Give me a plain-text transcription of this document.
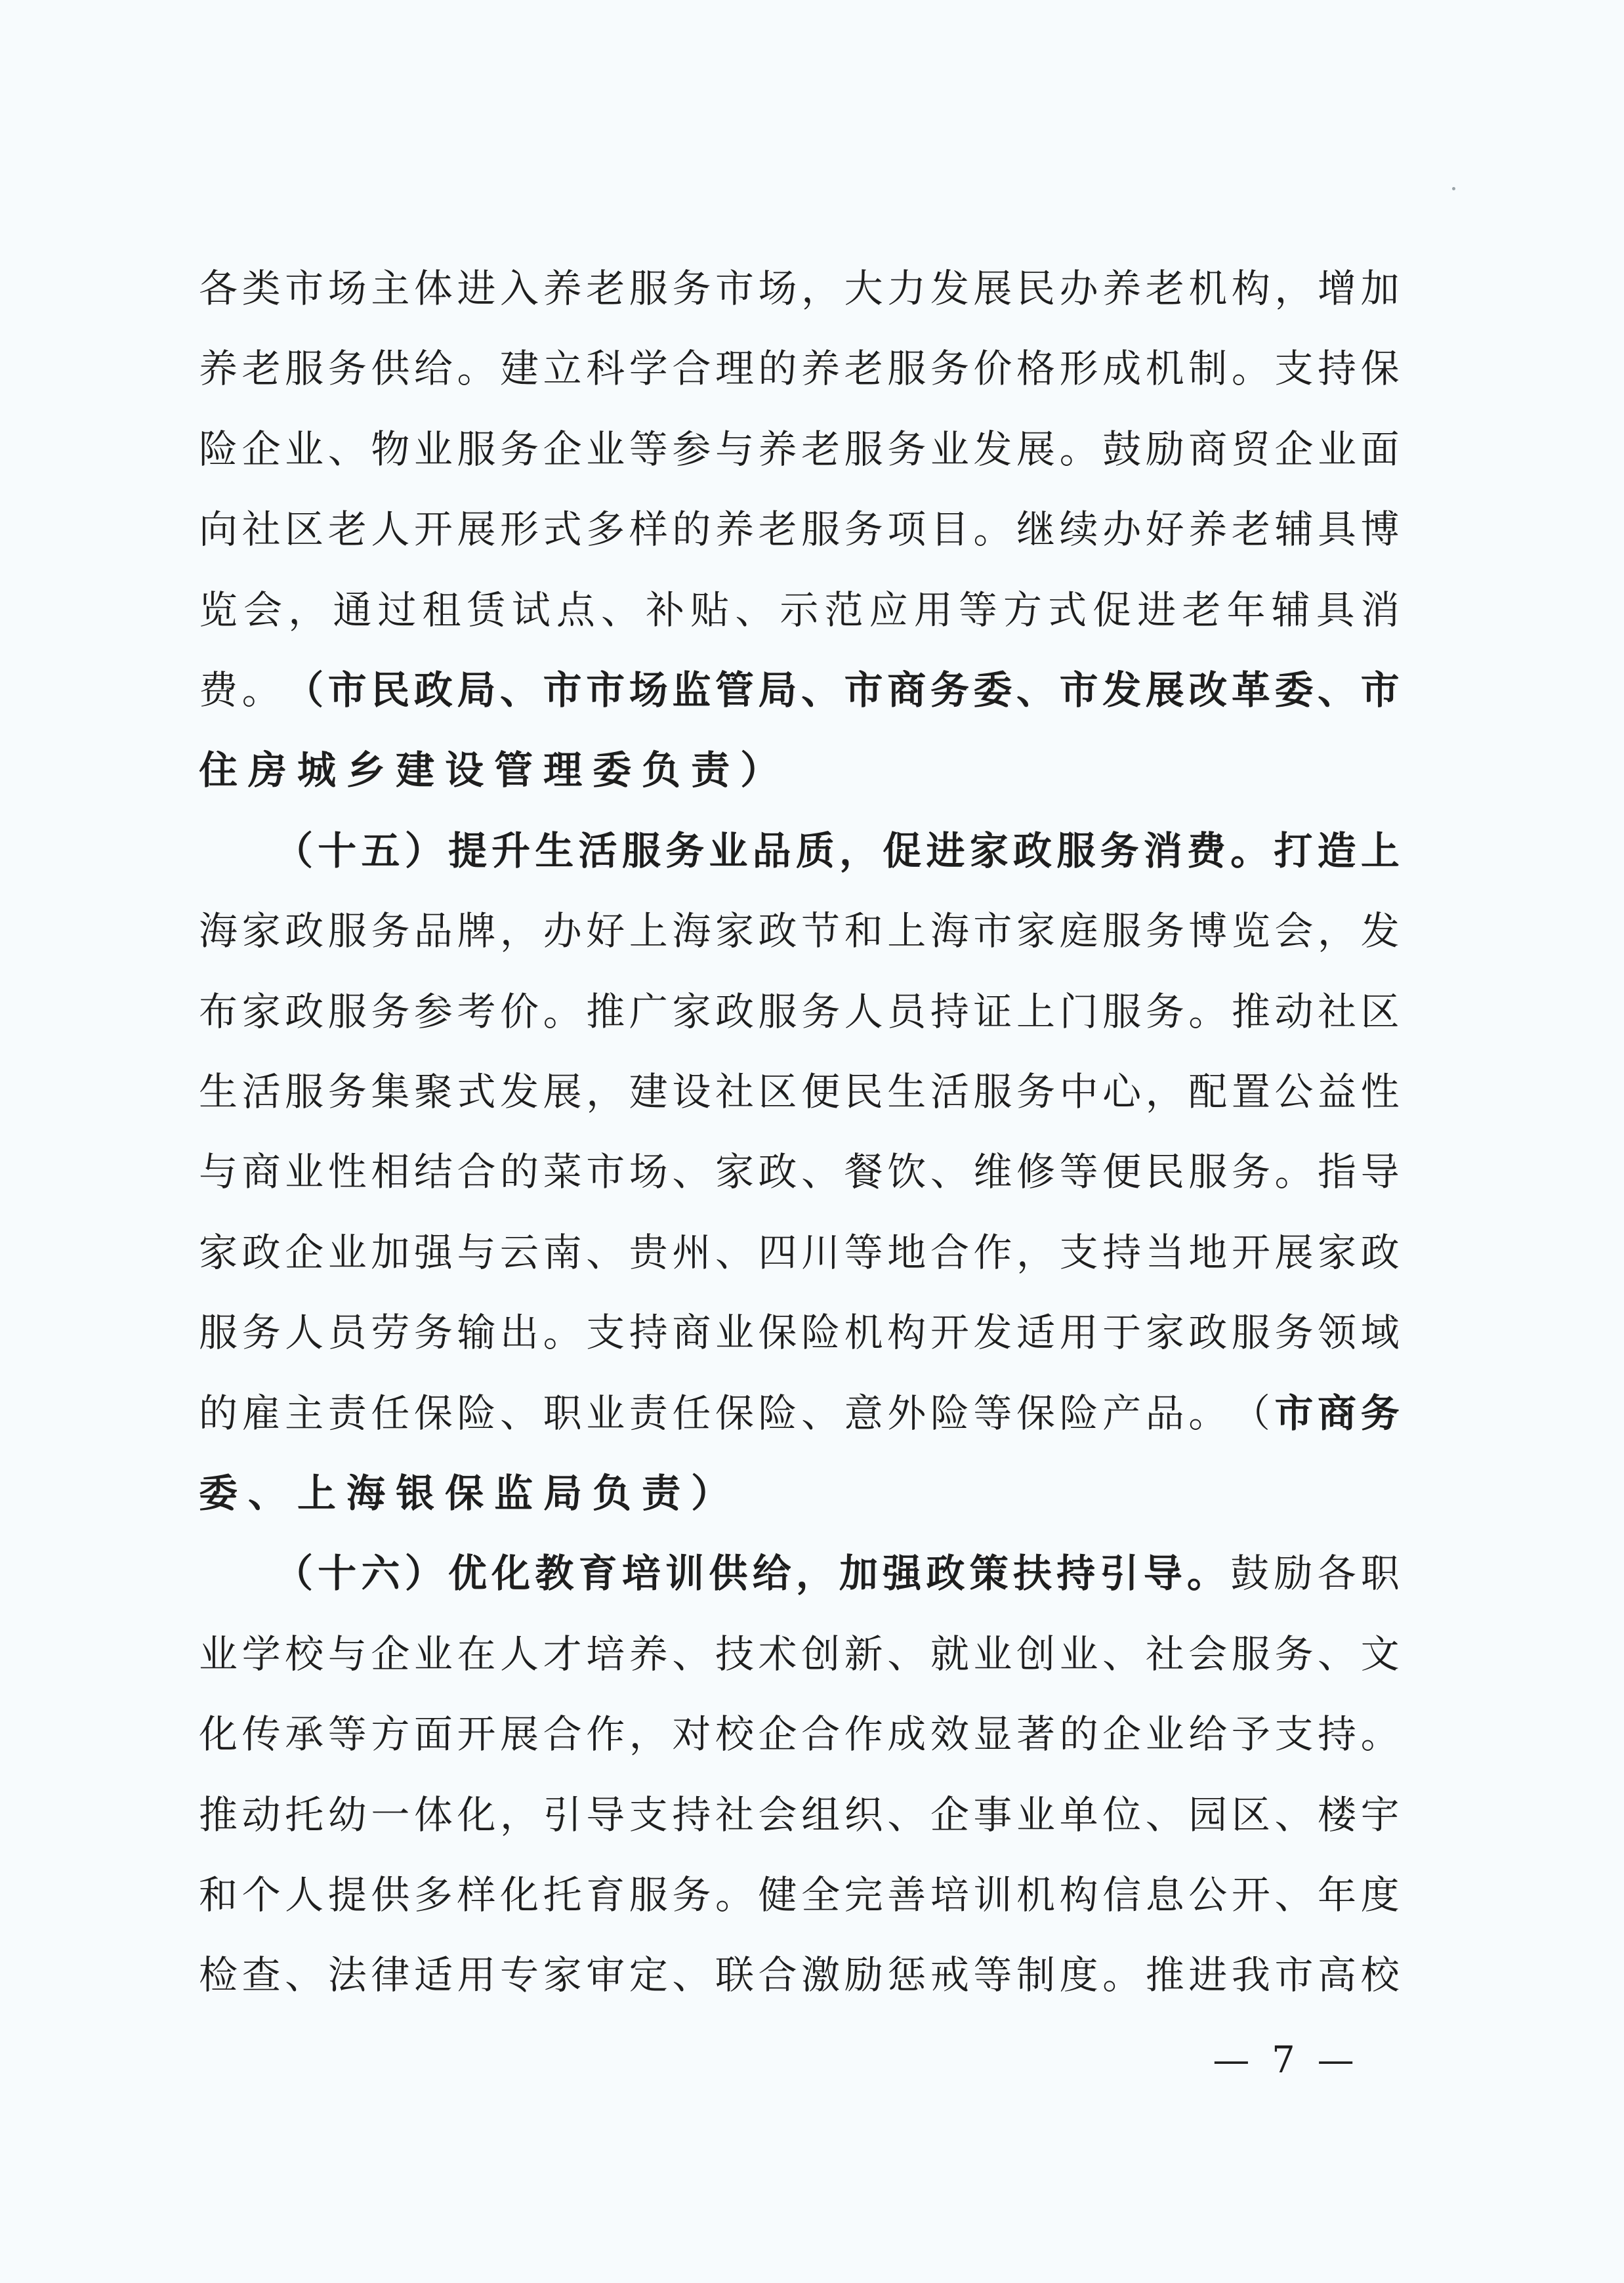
各 类 市 场 主 体 进 入 养 老 服 务 市 场 ， 大 力 发 展 民 办 养 老 机 构 ， 增 加
养 老 服 务 供 给 。 建 立 科 学 合 理 的 养 老 服 务 价 格 形 成 机 制 。 支 持 保
险 企 业 、 物 业 服 务 企 业 等 参 与 养 老 服 务 业 发 展 。 鼓 励 商 贸 企 业 面
向 社 区 老 人 开 展 形 式 多 样 的 养 老 服 务 项 目 。 继 续 办 好 养 老 辅 具 博
览 会 ， 通 过 租 赁 试 点 、 补 贴 、 示 范 应 用 等 方 式 促 进 老 年 辅 具 消
费 。 （ 市 民 政 局 、 市 市 场 监 管 局 、 市 商 务 委 、 市 发 展 改 革 委 、 市
住 房 城 乡 建 设 管 理 委 负 责 ）
（ 十 五 ） 提 升 生 活 服 务 业 品 质 ， 促 进 家 政 服 务 消 费 。 打 造 上
海 家 政 服 务 品 牌 ， 办 好 上 海 家 政 节 和 上 海 市 家 庭 服 务 博 览 会 ， 发
布 家 政 服 务 参 考 价 。 推 广 家 政 服 务 人 员 持 证 上 门 服 务 。 推 动 社 区
生 活 服 务 集 聚 式 发 展 ， 建 设 社 区 便 民 生 活 服 务 中 心 ， 配 置 公 益 性
与 商 业 性 相 结 合 的 菜 市 场 、 家 政 、 餐 饮 、 维 修 等 便 民 服 务 。 指 导
家 政 企 业 加 强 与 云 南 、 贵 州 、 四 川 等 地 合 作 ， 支 持 当 地 开 展 家 政
服 务 人 员 劳 务 输 出 。 支 持 商 业 保 险 机 构 开 发 适 用 于 家 政 服 务 领 域
的 雇 主 责 任 保 险 、 职 业 责 任 保 险 、 意 外 险 等 保 险 产 品 。 （ 市 商 务
委 、 上 海 银 保 监 局 负 责 ）
（ 十 六 ） 优 化 教 育 培 训 供 给 ， 加 强 政 策 扶 持 引 导 。 鼓 励 各 职
业 学 校 与 企 业 在 人 才 培 养 、 技 术 创 新 、 就 业 创 业 、 社 会 服 务 、 文
化 传 承 等 方 面 开 展 合 作 ， 对 校 企 合 作 成 效 显 著 的 企 业 给 予 支 持 。
推 动 托 幼 一 体 化 ， 引 导 支 持 社 会 组 织 、 企 事 业 单 位 、 园 区 、 楼 宇
和 个 人 提 供 多 样 化 托 育 服 务 。 健 全 完 善 培 训 机 构 信 息 公 开 、 年 度
检 查 、 法 律 适 用 专 家 审 定 、 联 合 激 励 惩 戒 等 制 度 。 推 进 我 市 高 校
— 7 —
